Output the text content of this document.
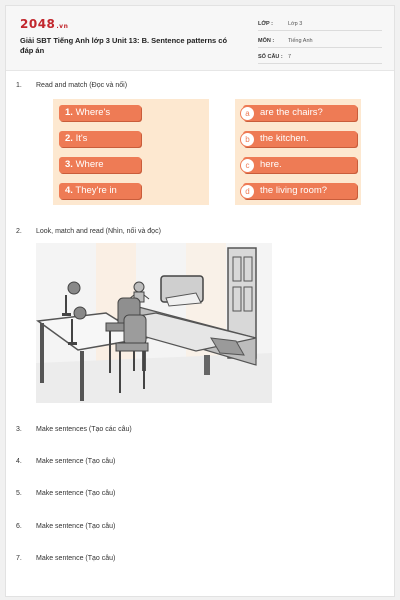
2048.vn
Giải SBT Tiếng Anh lớp 3 Unit 13: B. Sentence patterns có đáp án
LỚP :	Lớp 3
MÔN :	Tiếng Anh
SỐ CÂU : 7
1. Read and match (Đọc và nối)
1. Where's
2. It's
3. Where
4. They're in
a	are the chairs?
b	the kitchen.
c	here.
d	the living room?
2. Look, match and read (Nhìn, nối và đọc)
3. Make sentences (Tạo các câu)
4. Make sentence (Tạo câu)
5. Make sentence (Tạo câu)
6. Make sentence (Tạo câu)
7. Make sentence (Tạo câu)
